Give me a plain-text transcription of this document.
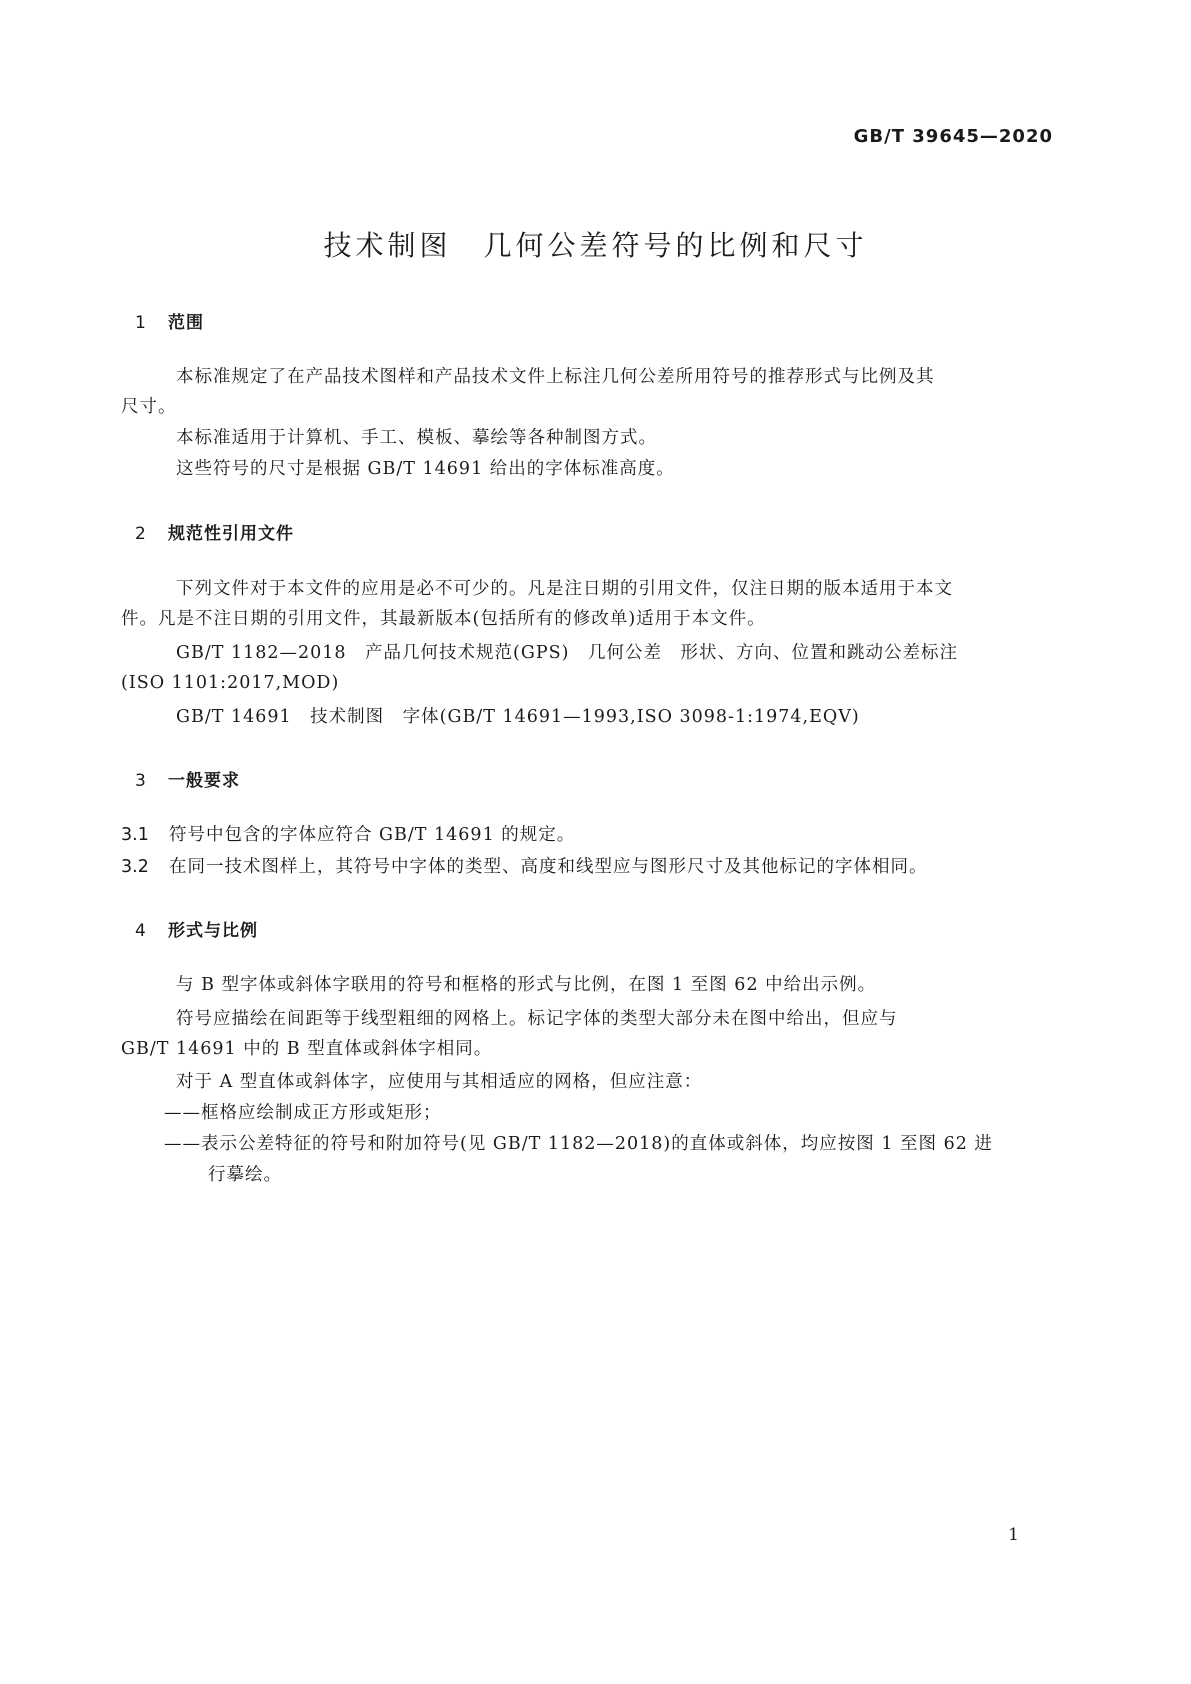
GB/T 39645—2020
技术制图　几何公差符号的比例和尺寸
1 范围
本标准规定了在产品技术图样和产品技术文件上标注几何公差所用符号的推荐形式与比例及其
尺寸。
本标准适用于计算机、手工、模板、摹绘等各种制图方式。
这些符号的尺寸是根据 GB/T 14691 给出的字体标准高度。
2 规范性引用文件
下列文件对于本文件的应用是必不可少的。凡是注日期的引用文件，仅注日期的版本适用于本文
件。凡是不注日期的引用文件，其最新版本(包括所有的修改单)适用于本文件。
GB/T 1182—2018　产品几何技术规范(GPS)　几何公差　形状、方向、位置和跳动公差标注
(ISO 1101:2017,MOD)
GB/T 14691　技术制图　字体(GB/T 14691—1993,ISO 3098-1:1974,EQV)
3 一般要求
3.1 符号中包含的字体应符合 GB/T 14691 的规定。
3.2 在同一技术图样上，其符号中字体的类型、高度和线型应与图形尺寸及其他标记的字体相同。
4 形式与比例
与 B 型字体或斜体字联用的符号和框格的形式与比例，在图 1 至图 62 中给出示例。
符号应描绘在间距等于线型粗细的网格上。标记字体的类型大部分未在图中给出，但应与
GB/T 14691 中的 B 型直体或斜体字相同。
对于 A 型直体或斜体字，应使用与其相适应的网格，但应注意：
——框格应绘制成正方形或矩形；
——表示公差特征的符号和附加符号(见 GB/T 1182—2018)的直体或斜体，均应按图 1 至图 62 进
行摹绘。
1
